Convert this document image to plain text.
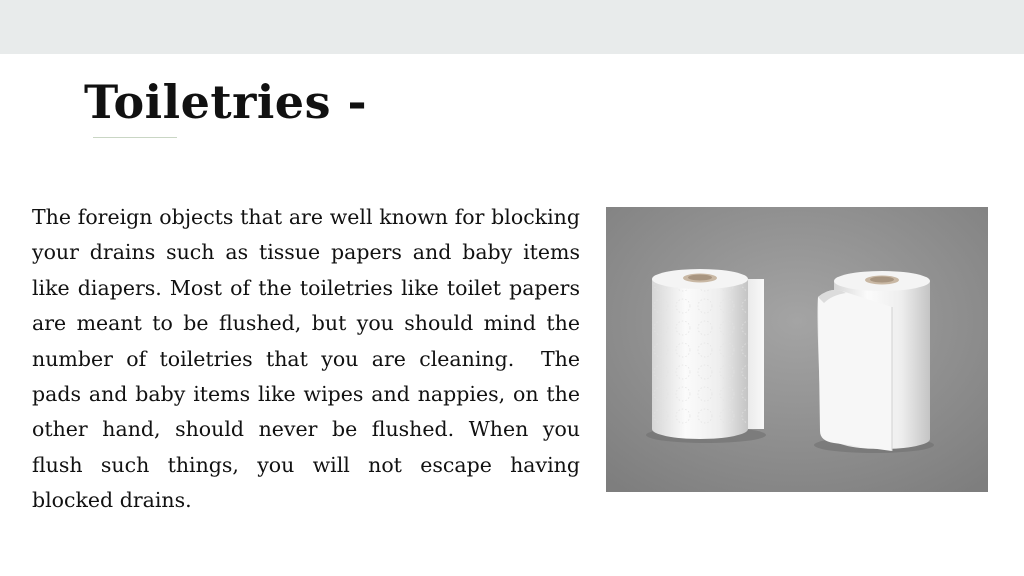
Toiletries -

The foreign objects that are well known for blocking your drains such as tissue papers and baby items like diapers. Most of the toiletries like toilet papers are meant to be flushed, but you should mind the number of toiletries that you are cleaning.  The pads and baby items like wipes and nappies, on the other hand, should never be flushed. When you flush such things, you will not escape having blocked drains.
